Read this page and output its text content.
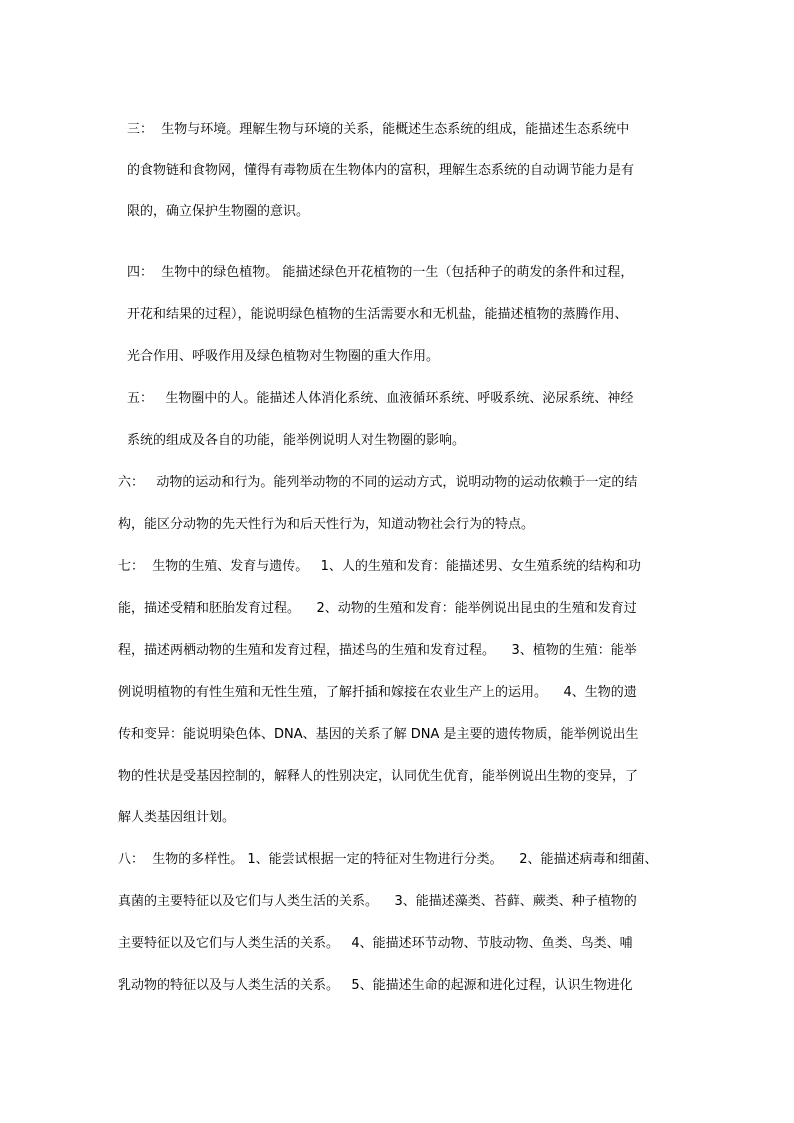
三：  生物与环境。理解生物与环境的关系，能概述生态系统的组成，能描述生态系统中

的食物链和食物网，懂得有毒物质在生物体内的富积，理解生态系统的自动调节能力是有

限的，确立保护生物圈的意识。

四：  生物中的绿色植物。 能描述绿色开花植物的一生（包括种子的萌发的条件和过程，

开花和结果的过程），能说明绿色植物的生活需要水和无机盐，能描述植物的蒸腾作用、

光合作用、呼吸作用及绿色植物对生物圈的重大作用。

五：   生物圈中的人。能描述人体消化系统、血液循环系统、呼吸系统、泌尿系统、神经

系统的组成及各自的功能，能举例说明人对生物圈的影响。

六：   动物的运动和行为。能列举动物的不同的运动方式，说明动物的运动依赖于一定的结

构，能区分动物的先天性行为和后天性行为，知道动物社会行为的特点。

七：  生物的生殖、发育与遗传。   1、人的生殖和发育：能描述男、女生殖系统的结构和功

能，描述受精和胚胎发育过程。    2、动物的生殖和发育：能举例说出昆虫的生殖和发育过

程，描述两栖动物的生殖和发育过程，描述鸟的生殖和发育过程。    3、植物的生殖：能举

例说明植物的有性生殖和无性生殖，了解扦插和嫁接在农业生产上的运用。    4、生物的遗

传和变异：能说明染色体、DNA、基因的关系了解 DNA 是主要的遗传物质，能举例说出生

物的性状是受基因控制的，解释人的性别决定，认同优生优育，能举例说出生物的变异，了

解人类基因组计划。

八：  生物的多样性。 1、能尝试根据一定的特征对生物进行分类。    2、能描述病毒和细菌、

真菌的主要特征以及它们与人类生活的关系。    3、能描述藻类、苔藓、蕨类、种子植物的

主要特征以及它们与人类生活的关系。   4、能描述环节动物、节肢动物、鱼类、鸟类、哺

乳动物的特征以及与人类生活的关系。   5、能描述生命的起源和进化过程，认识生物进化
